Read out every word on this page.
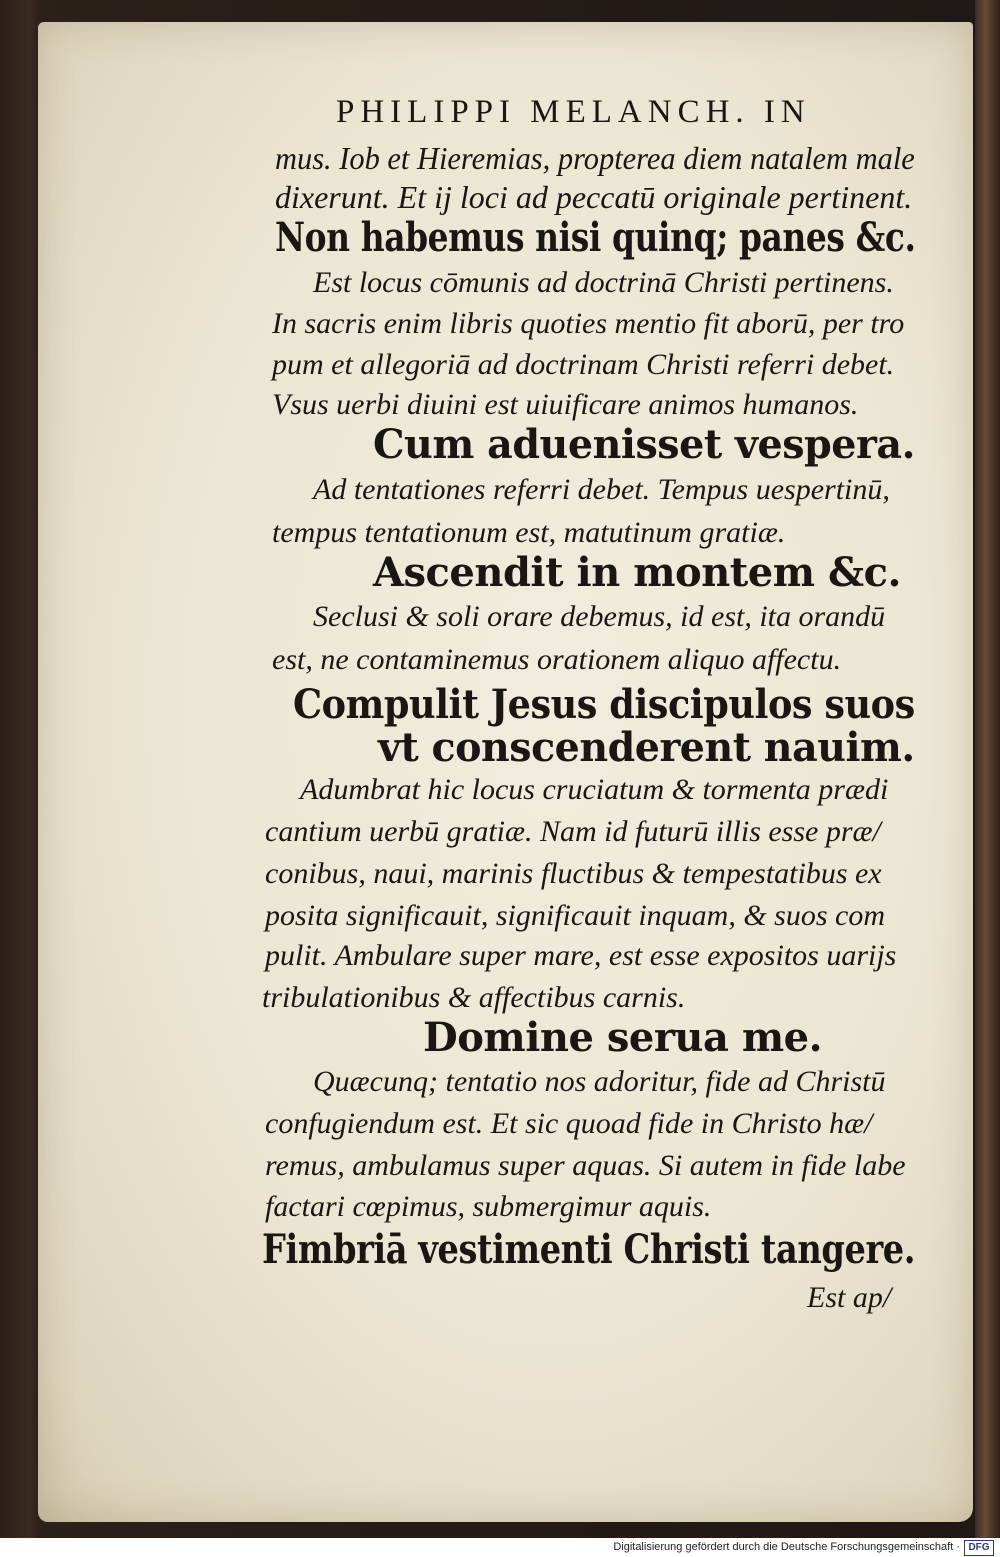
PHILIPPI MELANCH. IN
mus. Iob et Hieremias, propterea diem natalem male
dixerunt. Et ij loci ad peccatū originale pertinent.
Non habemus nisi quinq; panes &c.
Est locus cōmunis ad doctrinā Christi pertinens.
In sacris enim libris quoties mentio fit aborū, per tro
pum et allegoriā ad doctrinam Christi referri debet.
Vsus uerbi diuini est uiuificare animos humanos.
Cum aduenisset vespera.
Ad tentationes referri debet. Tempus uespertinū,
tempus tentationum est, matutinum gratiæ.
Ascendit in montem &c.
Seclusi & soli orare debemus, id est, ita orandū
est, ne contaminemus orationem aliquo affectu.
Compulit Jesus discipulos suos
vt conscenderent nauim.
Adumbrat hic locus cruciatum & tormenta prædi
cantium uerbū gratiæ. Nam id futurū illis esse præ/
conibus, naui, marinis fluctibus & tempestatibus ex
posita significauit, significauit inquam, & suos com
pulit. Ambulare super mare, est esse expositos uarijs
tribulationibus & affectibus carnis.
Domine serua me.
Quæcunq; tentatio nos adoritur, fide ad Christū
confugiendum est. Et sic quoad fide in Christo hæ/
remus, ambulamus super aquas. Si autem in fide labe
factari cœpimus, submergimur aquis.
Fimbriā vestimenti Christi tangere.
Est ap/
Digitalisierung gefördert durch die Deutsche Forschungsgemeinschaft · DFG
